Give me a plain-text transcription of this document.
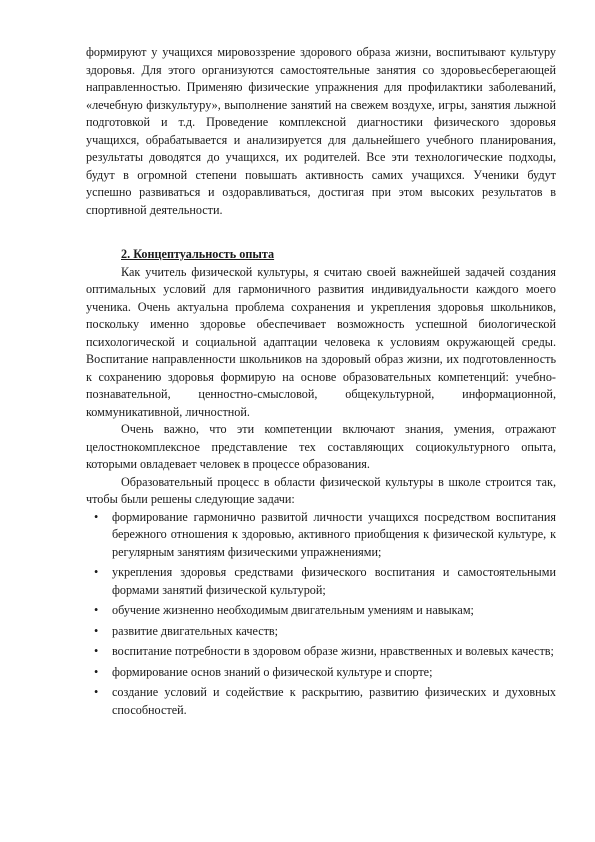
формируют у учащихся мировоззрение здорового образа жизни, воспитывают культуру здоровья. Для этого организуются самостоятельные занятия со здоровьесберегающей направленностью. Применяю физические упражнения для профилактики заболеваний, «лечебную физкультуру», выполнение занятий на свежем воздухе, игры, занятия лыжной подготовкой и т.д. Проведение комплексной диагностики физического здоровья учащихся, обрабатывается и анализируется для дальнейшего учебного планирования, результаты доводятся до учащихся, их родителей. Все эти технологические подходы, будут в огромной степени повышать активность самих учащихся. Ученики будут успешно развиваться и оздоравливаться, достигая при этом высоких результатов в спортивной деятельности.

2. Концептуальность опыта

Как учитель физической культуры, я считаю своей важнейшей задачей создания оптимальных условий для гармоничного развития индивидуальности каждого моего ученика. Очень актуальна проблема сохранения и укрепления здоровья школьников, поскольку именно здоровье обеспечивает возможность успешной биологической психологической и социальной адаптации человека к условиям окружающей среды. Воспитание направленности школьников на здоровый образ жизни, их подготовленность к сохранению здоровья формирую на основе образовательных компетенций: учебно-познавательной, ценностно-смысловой, общекультурной, информационной, коммуникативной, личностной.

Очень важно, что эти компетенции включают знания, умения, отражают целостнокомплексное представление тех составляющих социокультурного опыта, которыми овладевает человек в процессе образования.

Образовательный процесс в области физической культуры в школе строится так, чтобы были решены следующие задачи:

• формирование гармонично развитой личности учащихся посредством воспитания бережного отношения к здоровью, активного приобщения к физической культуре, к регулярным занятиям физическими упражнениями;
• укрепления здоровья средствами физического воспитания и самостоятельными формами занятий физической культурой;
• обучение жизненно необходимым двигательным умениям и навыкам;
• развитие двигательных качеств;
• воспитание потребности в здоровом образе жизни, нравственных и волевых качеств;
• формирование основ знаний о физической культуре и спорте;
• создание условий и содействие к раскрытию, развитию физических и духовных способностей.
